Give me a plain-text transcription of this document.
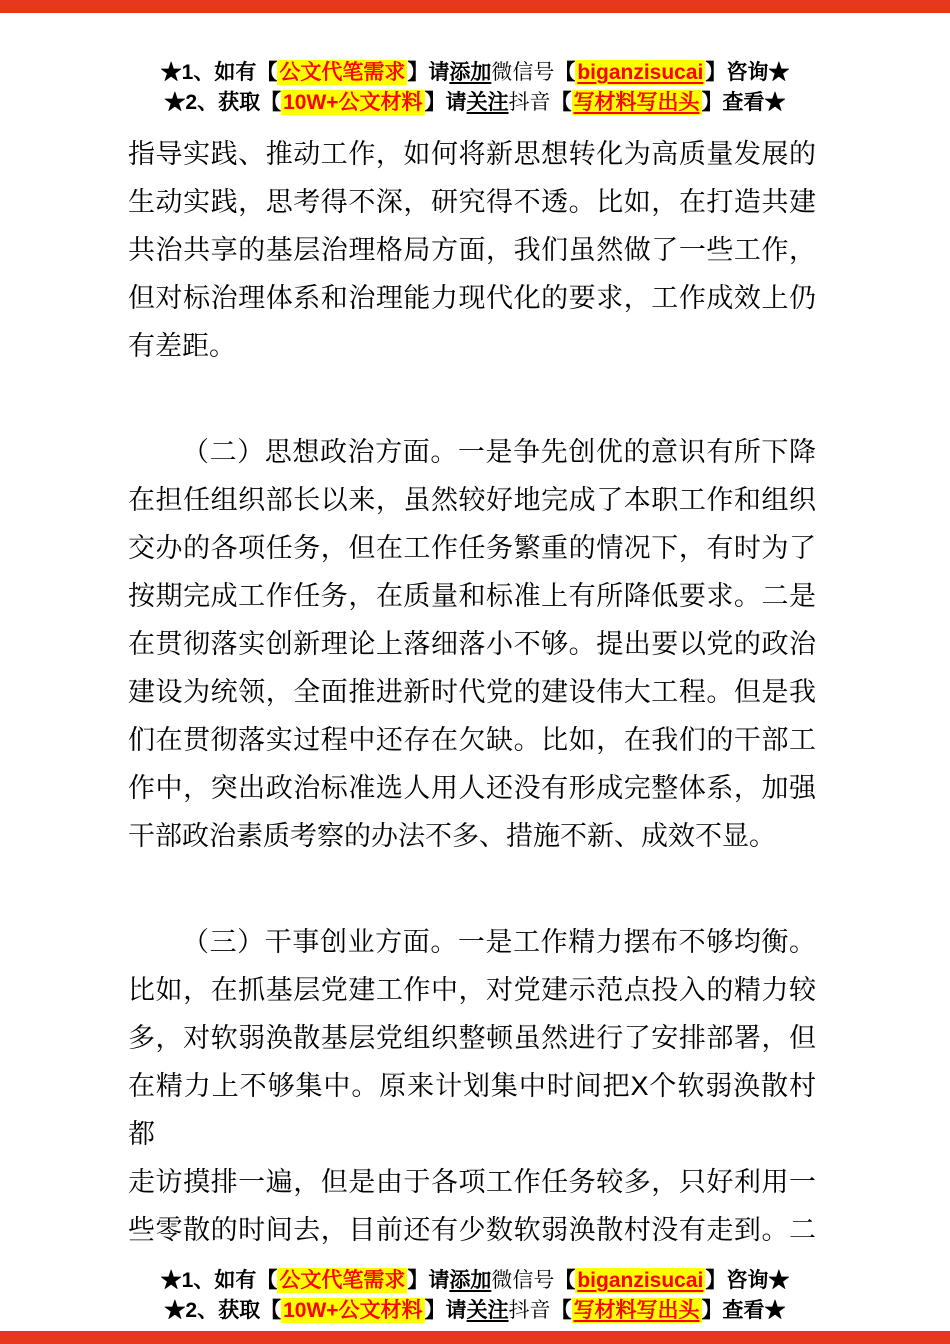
★1、如有【公文代笔需求】请添加微信号【biganzisucai】咨询★
★2、获取【10W+公文材料】请关注抖音【写材料写出头】查看★
指导实践、推动工作，如何将新思想转化为高质量发展的
生动实践，思考得不深，研究得不透。比如，在打造共建
共治共享的基层治理格局方面，我们虽然做了一些工作，
但对标治理体系和治理能力现代化的要求，工作成效上仍
有差距。
（二）思想政治方面。一是争先创优的意识有所下降
在担任组织部长以来，虽然较好地完成了本职工作和组织
交办的各项任务，但在工作任务繁重的情况下，有时为了
按期完成工作任务，在质量和标准上有所降低要求。二是
在贯彻落实创新理论上落细落小不够。提出要以党的政治
建设为统领，全面推进新时代党的建设伟大工程。但是我
们在贯彻落实过程中还存在欠缺。比如，在我们的干部工
作中，突出政治标准选人用人还没有形成完整体系，加强
干部政治素质考察的办法不多、措施不新、成效不显。
（三）干事创业方面。一是工作精力摆布不够均衡。
比如，在抓基层党建工作中，对党建示范点投入的精力较
多，对软弱涣散基层党组织整顿虽然进行了安排部署，但
在精力上不够集中。原来计划集中时间把X个软弱涣散村都
走访摸排一遍，但是由于各项工作任务较多，只好利用一
些零散的时间去，目前还有少数软弱涣散村没有走到。二
★1、如有【公文代笔需求】请添加微信号【biganzisucai】咨询★
★2、获取【10W+公文材料】请关注抖音【写材料写出头】查看★
